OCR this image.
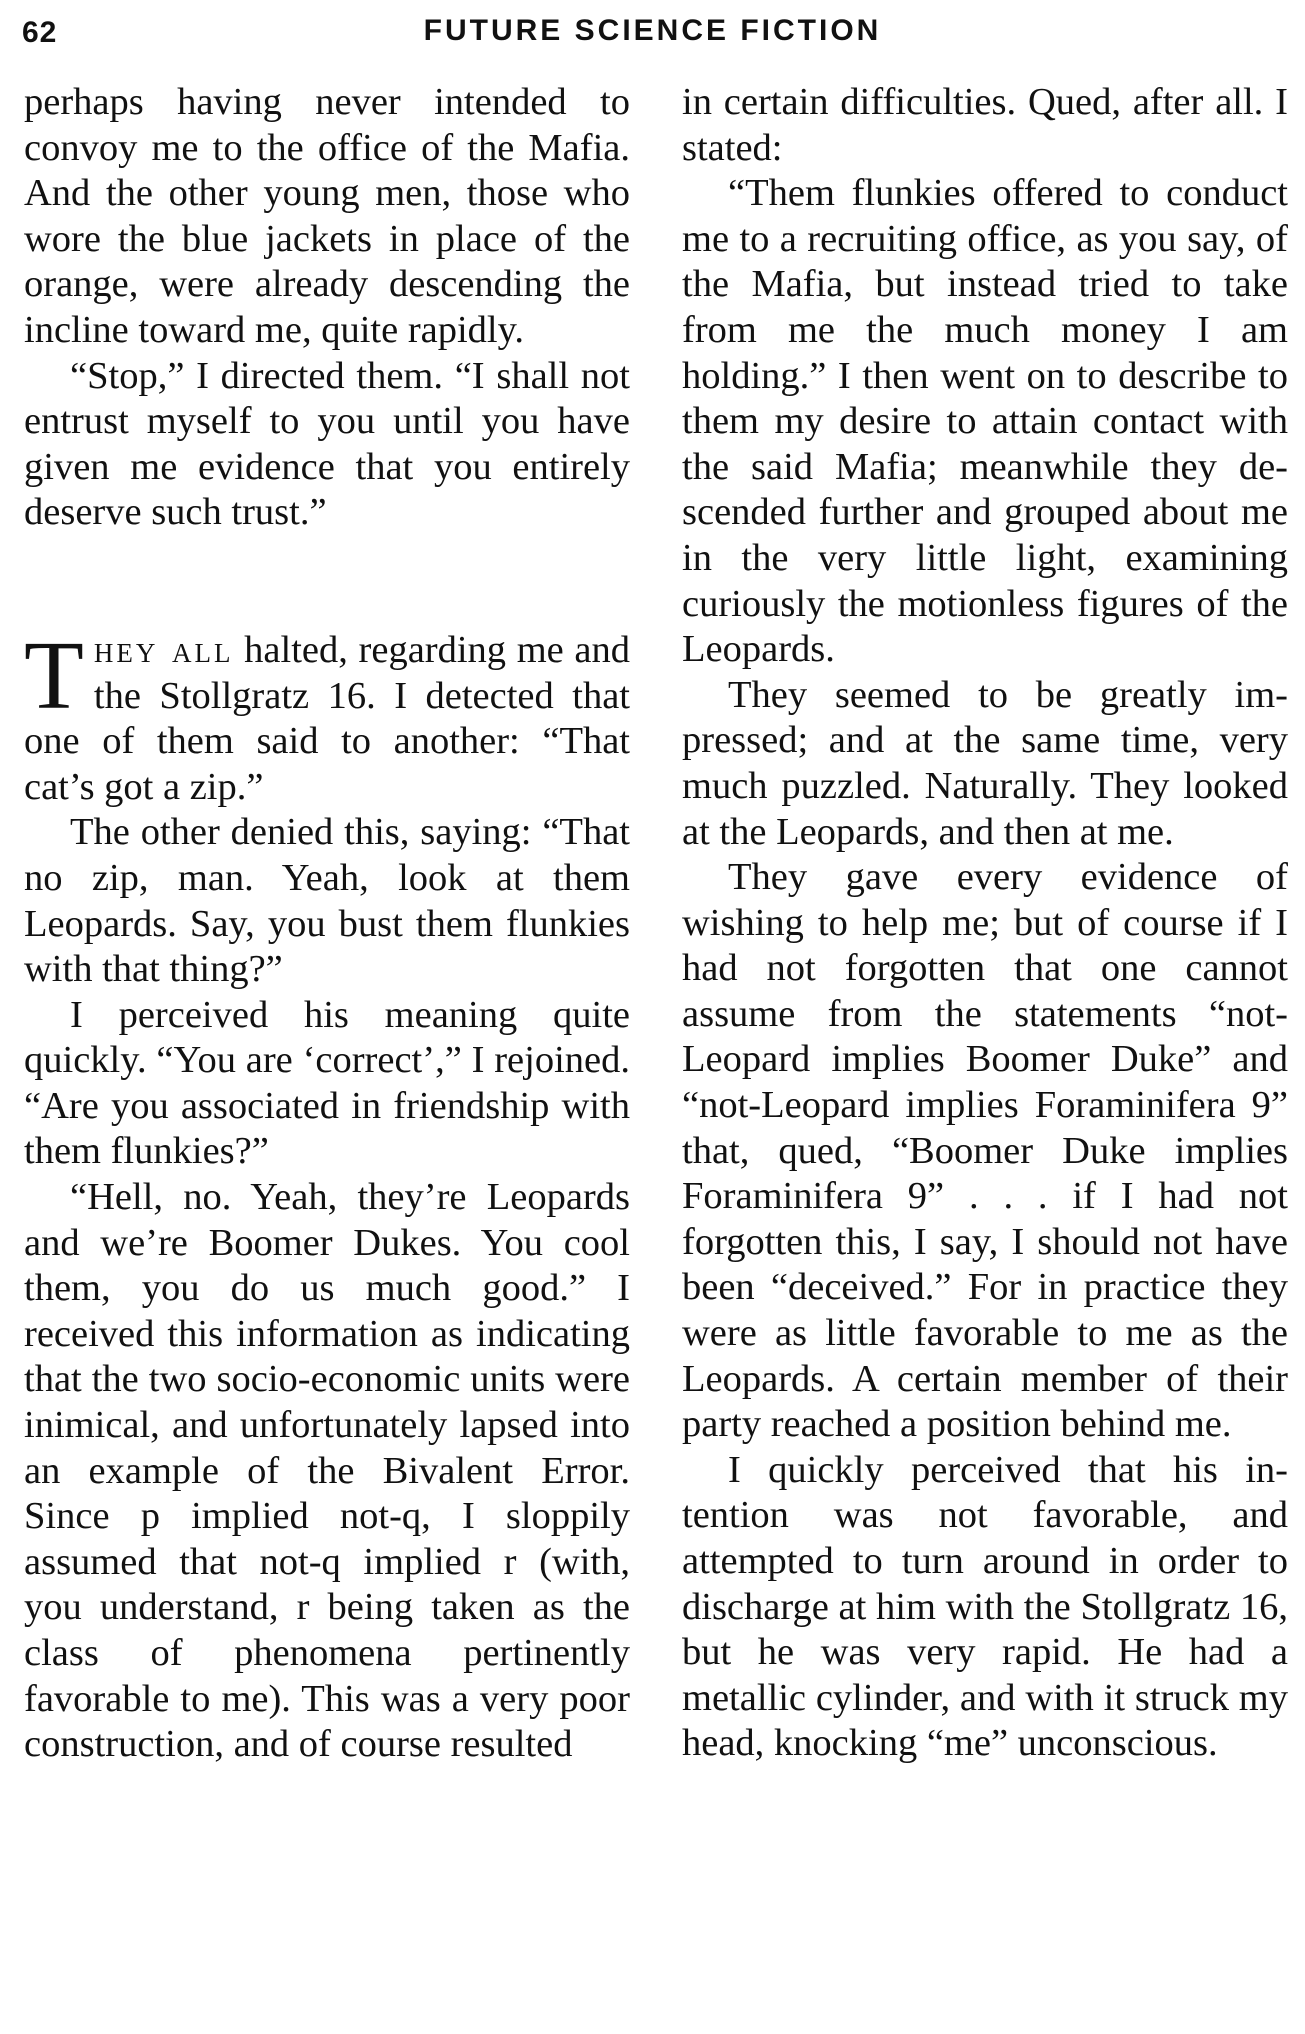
62	FUTURE SCIENCE FICTION

perhaps having never intended to convoy me to the office of the Mafia. And the other young men, those who wore the blue jackets in place of the orange, were already descending the incline toward me, quite rapidly.

“Stop,” I directed them. “I shall not entrust myself to you until you have given me evidence that you entirely deserve such trust.”

They all halted, regarding me and the Stollgratz 16. I detected that one of them said to another: “That cat’s got a zip.”

The other denied this, saying: “That no zip, man. Yeah, look at them Leopards. Say, you bust them flunkies with that thing?”

I perceived his meaning quite quickly. “You are ‘correct’,” I rejoined. “Are you associated in friendship with them flunkies?”

“Hell, no. Yeah, they’re Leopards and we’re Boomer Dukes. You cool them, you do us much good.” I received this information as indicating that the two socio-economic units were inimical, and unfortunately lapsed into an example of the Bivalent Error. Since p implied not-q, I sloppily assumed that not-q implied r (with, you understand, r being taken as the class of phenomena pertinently favorable to me). This was a very poor construction, and of course resulted

in certain difficulties. Qued, after all. I stated:

“Them flunkies offered to conduct me to a recruiting office, as you say, of the Mafia, but instead tried to take from me the much money I am holding.” I then went on to describe to them my desire to attain contact with the said Mafia; meanwhile they descended further and grouped about me in the very little light, examining curiously the motionless figures of the Leopards.

They seemed to be greatly impressed; and at the same time, very much puzzled. Naturally. They looked at the Leopards, and then at me.

They gave every evidence of wishing to help me; but of course if I had not forgotten that one cannot assume from the statements “not-Leopard implies Boomer Duke” and “not-Leopard implies Foraminifera 9” that, qued, “Boomer Duke implies Foraminifera 9” . . . if I had not forgotten this, I say, I should not have been “deceived.” For in practice they were as little favorable to me as the Leopards. A certain member of their party reached a position behind me.

I quickly perceived that his intention was not favorable, and attempted to turn around in order to discharge at him with the Stollgratz 16, but he was very rapid. He had a metallic cylinder, and with it struck my head, knocking “me” unconscious.
